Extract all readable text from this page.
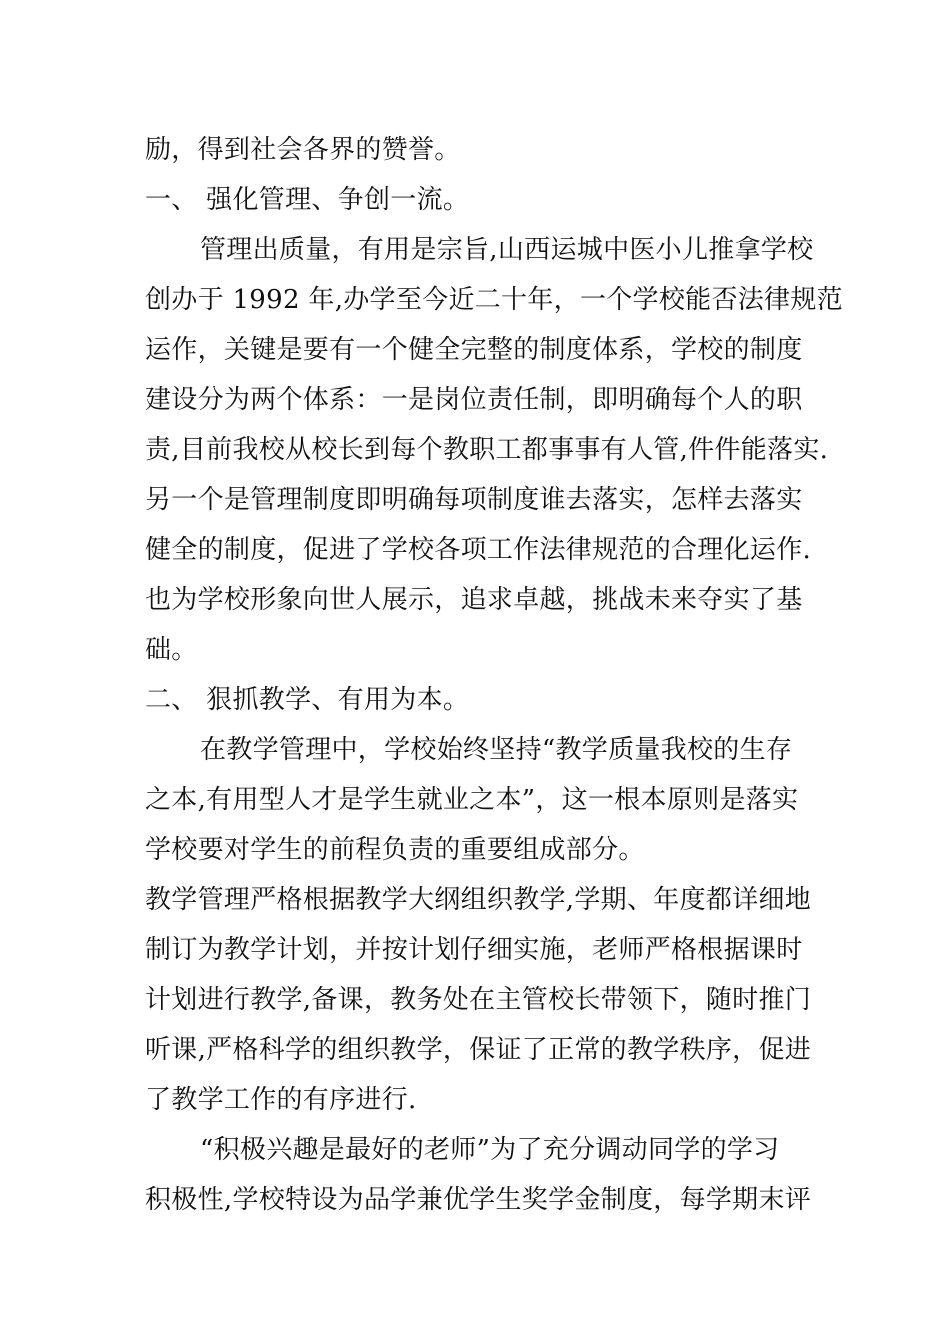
励，得到社会各界的赞誉。
一、 强化管理、争创一流。
管理出质量，有用是宗旨,山西运城中医小儿推拿学校
创办于 1992 年,办学至今近二十年，一个学校能否法律规范
运作，关键是要有一个健全完整的制度体系，学校的制度
建设分为两个体系：一是岗位责任制，即明确每个人的职
责,目前我校从校长到每个教职工都事事有人管,件件能落实.
另一个是管理制度即明确每项制度谁去落实，怎样去落实
健全的制度，促进了学校各项工作法律规范的合理化运作.
也为学校形象向世人展示，追求卓越，挑战未来夺实了基
础。
二、 狠抓教学、有用为本。
在教学管理中，学校始终坚持“教学质量我校的生存
之本,有用型人才是学生就业之本”，这一根本原则是落实
学校要对学生的前程负责的重要组成部分。
教学管理严格根据教学大纲组织教学,学期、年度都详细地
制订为教学计划，并按计划仔细实施，老师严格根据课时
计划进行教学,备课，教务处在主管校长带领下，随时推门
听课,严格科学的组织教学，保证了正常的教学秩序，促进
了教学工作的有序进行.
“积极兴趣是最好的老师”为了充分调动同学的学习
积极性,学校特设为品学兼优学生奖学金制度，每学期末评
